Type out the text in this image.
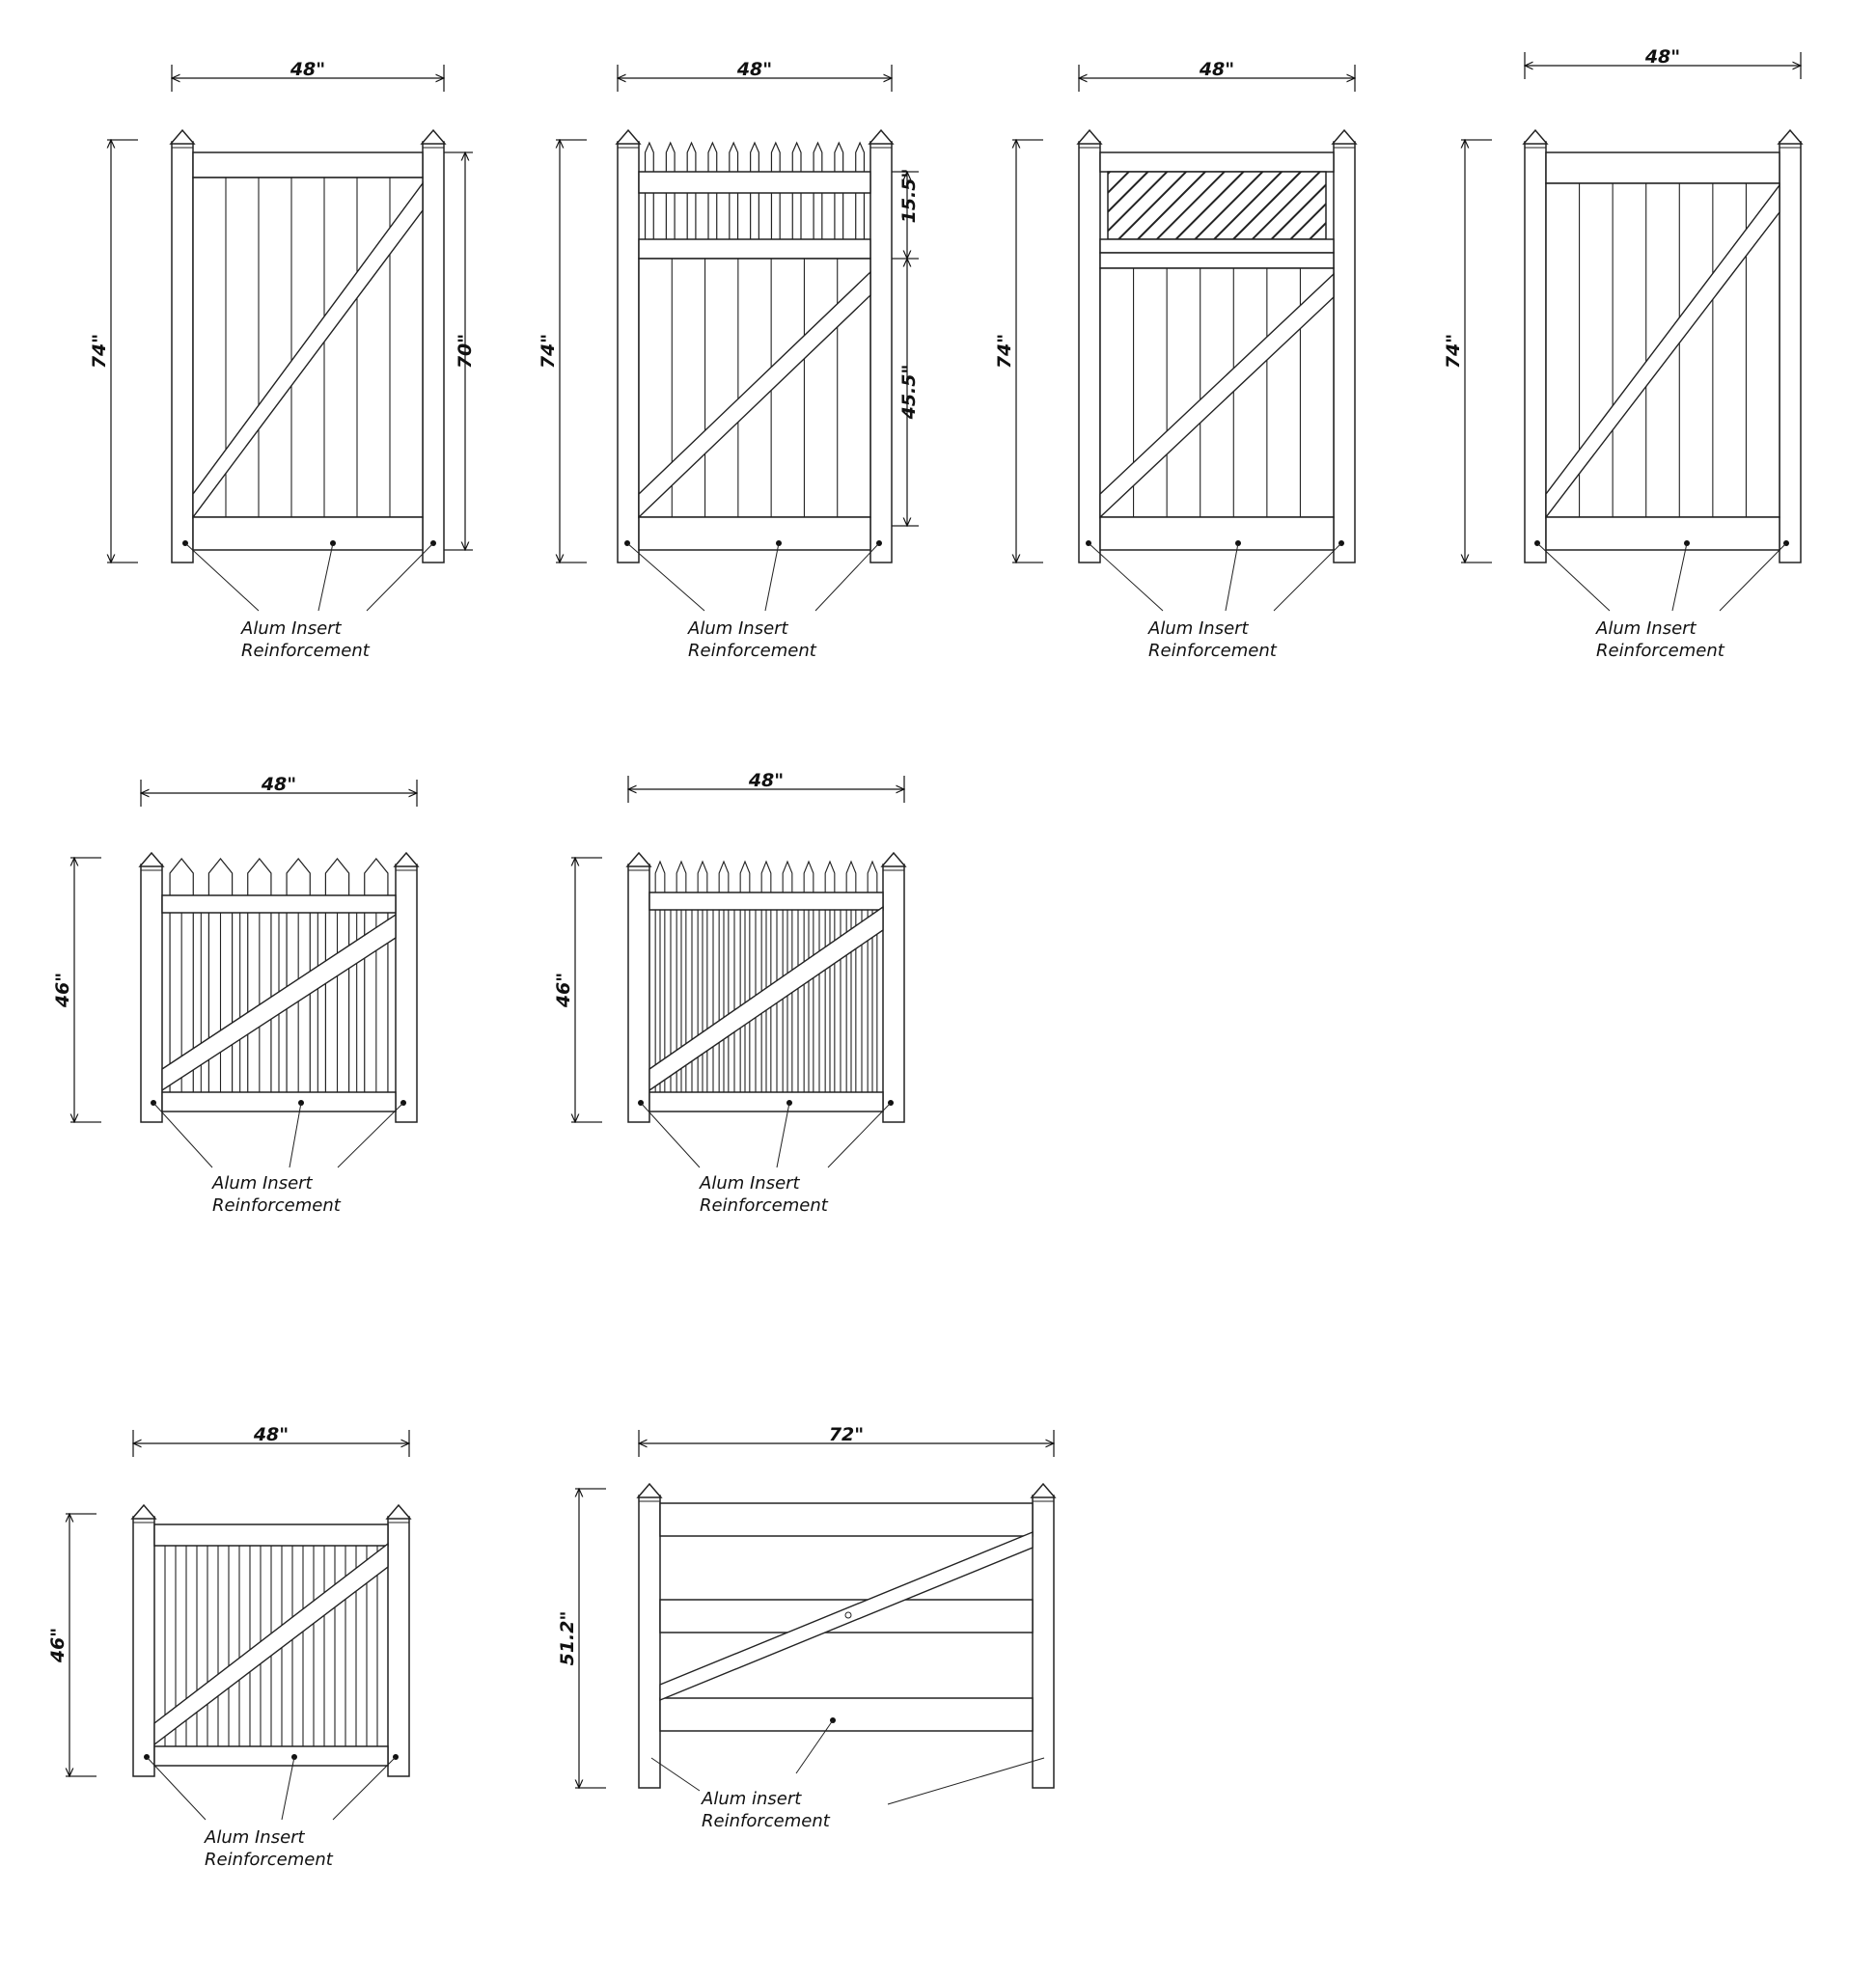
48"
74"	70"
Alum Insert
Reinforcement
48"
74"
15.5"
45.5"
Alum Insert
Reinforcement
48"
74"
Alum Insert
Reinforcement
48"
74"
Alum Insert
Reinforcement
48"
46"
Alum Insert
Reinforcement
48"
46"
Alum Insert
Reinforcement
48"
46"
Alum Insert
Reinforcement
72"
51.2"
Alum insert
Reinforcement
